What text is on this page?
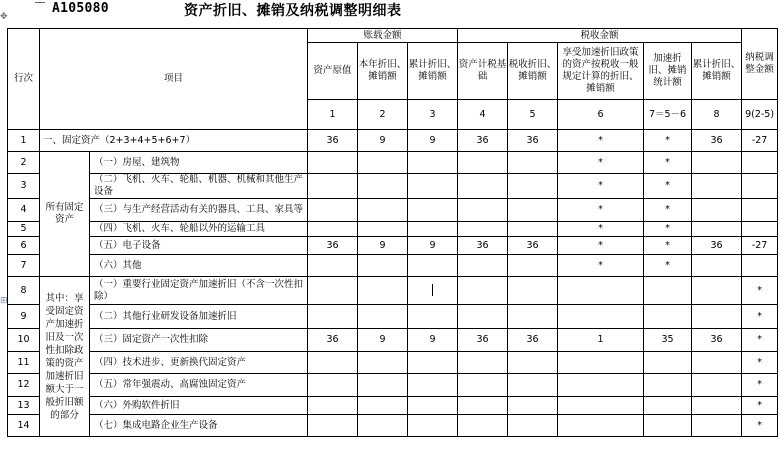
✥
A105080	资产折旧、摊销及纳税调整明细表
⊞
行次	项目		账载金额			税收金额					纳税调整金额
			资产原值	本年折旧、摊销额	累计折旧、摊销额	资产计税基础	税收折旧、摊销额	享受加速折旧政策的资产按税收一般规定计算的折旧、摊销额	加速折旧、摊销统计额	累计折旧、摊销额	
			1	2	3	4	5	6	7＝5－6	8	9(2-5)
1	一、固定资产（2+3+4+5+6+7）		36	9	9	36	36	*	*	36	-27
2	所有固定资产	（一）房屋、建筑物						*	*		
3		（二）飞机、火车、轮船、机器、机械和其他生产设备						*	*		
4		（三）与生产经营活动有关的器具、工具、家具等						*	*		
5		（四）飞机、火车、轮船以外的运输工具						*	*		
6		（五）电子设备	36	9	9	36	36	*	*	36	-27
7		（六）其他						*	*		
8	其中：享受固定资产加速折旧及一次性扣除政策的资产加速折旧额大于一般折旧额的部分	（一）重要行业固定资产加速折旧（不含一次性扣除）									*
9		（二）其他行业研发设备加速折旧									*
10		（三）固定资产一次性扣除	36	9	9	36	36	1	35	36	*
11		（四）技术进步、更新换代固定资产									*
12		（五）常年强震动、高腐蚀固定资产									*
13		（六）外购软件折旧									*
14		（七）集成电路企业生产设备									*
